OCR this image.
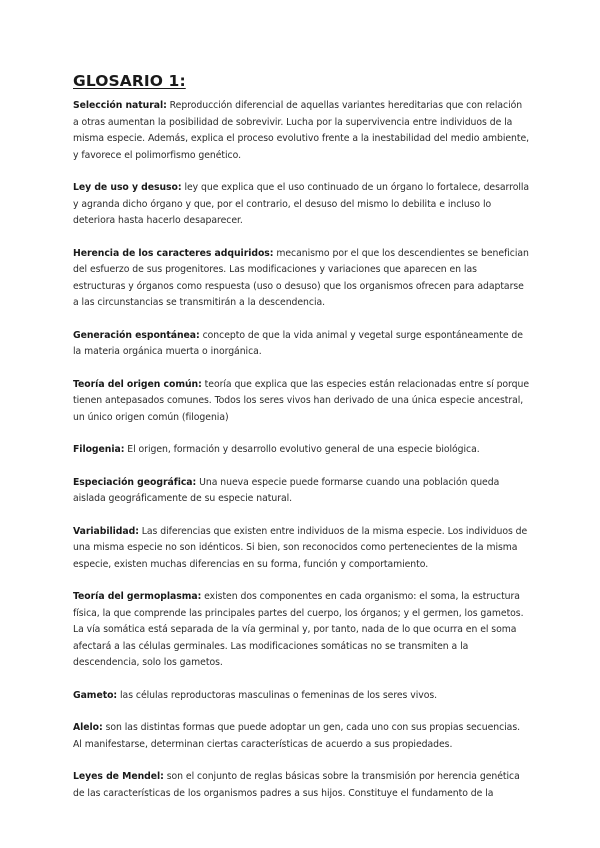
GLOSARIO 1:

Selección natural: Reproducción diferencial de aquellas variantes hereditarias que con relación a otras aumentan la posibilidad de sobrevivir. Lucha por la supervivencia entre individuos de la misma especie. Además, explica el proceso evolutivo frente a la inestabilidad del medio ambiente, y favorece el polimorfismo genético.

Ley de uso y desuso: ley que explica que el uso continuado de un órgano lo fortalece, desarrolla y agranda dicho órgano y que, por el contrario, el desuso del mismo lo debilita e incluso lo deteriora hasta hacerlo desaparecer.

Herencia de los caracteres adquiridos: mecanismo por el que los descendientes se benefician del esfuerzo de sus progenitores. Las modificaciones y variaciones que aparecen en las estructuras y órganos como respuesta (uso o desuso) que los organismos ofrecen para adaptarse a las circunstancias se transmitirán a la descendencia.

Generación espontánea: concepto de que la vida animal y vegetal surge espontáneamente de la materia orgánica muerta o inorgánica.

Teoría del origen común: teoría que explica que las especies están relacionadas entre sí porque tienen antepasados comunes. Todos los seres vivos han derivado de una única especie ancestral, un único origen común (filogenia)

Filogenia: El origen, formación y desarrollo evolutivo general de una especie biológica.

Especiación geográfica: Una nueva especie puede formarse cuando una población queda aislada geográficamente de su especie natural.

Variabilidad: Las diferencias que existen entre individuos de la misma especie. Los individuos de una misma especie no son idénticos. Si bien, son reconocidos como pertenecientes de la misma especie, existen muchas diferencias en su forma, función y comportamiento.

Teoría del germoplasma: existen dos componentes en cada organismo: el soma, la estructura física, la que comprende las principales partes del cuerpo, los órganos; y el germen, los gametos. La vía somática está separada de la vía germinal y, por tanto, nada de lo que ocurra en el soma afectará a las células germinales. Las modificaciones somáticas no se transmiten a la descendencia, solo los gametos.

Gameto: las células reproductoras masculinas o femeninas de los seres vivos.

Alelo: son las distintas formas que puede adoptar un gen, cada uno con sus propias secuencias. Al manifestarse, determinan ciertas características de acuerdo a sus propiedades.

Leyes de Mendel: son el conjunto de reglas básicas sobre la transmisión por herencia genética de las características de los organismos padres a sus hijos. Constituye el fundamento de la
